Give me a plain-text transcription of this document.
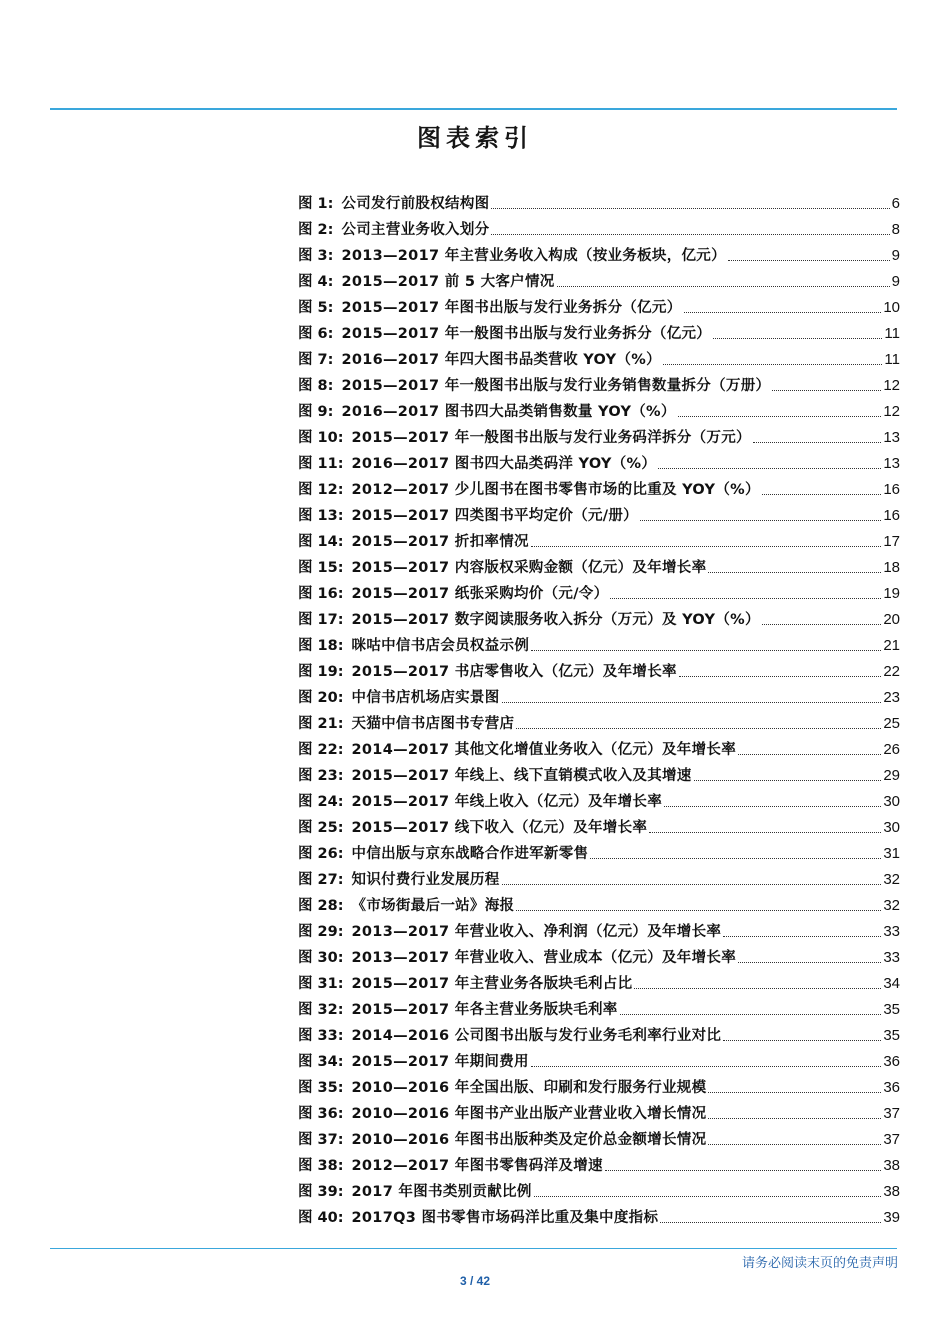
图表索引
图 1: 公司发行前股权结构图	6
图 2: 公司主营业务收入划分	8
图 3: 2013—2017 年主营业务收入构成（按业务板块，亿元）	9
图 4: 2015—2017 前 5 大客户情况	9
图 5: 2015—2017 年图书出版与发行业务拆分（亿元）	10
图 6: 2015—2017 年一般图书出版与发行业务拆分（亿元）	11
图 7: 2016—2017 年四大图书品类营收 YOY（%）	11
图 8: 2015—2017 年一般图书出版与发行业务销售数量拆分（万册）	12
图 9: 2016—2017 图书四大品类销售数量 YOY（%）	12
图 10: 2015—2017 年一般图书出版与发行业务码洋拆分（万元）	13
图 11: 2016—2017 图书四大品类码洋 YOY（%）	13
图 12: 2012—2017 少儿图书在图书零售市场的比重及 YOY（%）	16
图 13: 2015—2017 四类图书平均定价（元/册）	16
图 14: 2015—2017 折扣率情况	17
图 15: 2015—2017 内容版权采购金额（亿元）及年增长率	18
图 16: 2015—2017 纸张采购均价（元/令）	19
图 17: 2015—2017 数字阅读服务收入拆分（万元）及 YOY（%）	20
图 18: 咪咕中信书店会员权益示例	21
图 19: 2015—2017 书店零售收入（亿元）及年增长率	22
图 20: 中信书店机场店实景图	23
图 21: 天猫中信书店图书专营店	25
图 22: 2014—2017 其他文化增值业务收入（亿元）及年增长率	26
图 23: 2015—2017 年线上、线下直销模式收入及其增速	29
图 24: 2015—2017 年线上收入（亿元）及年增长率	30
图 25: 2015—2017 线下收入（亿元）及年增长率	30
图 26: 中信出版与京东战略合作进军新零售	31
图 27: 知识付费行业发展历程	32
图 28: 《市场街最后一站》海报	32
图 29: 2013—2017 年营业收入、净利润（亿元）及年增长率	33
图 30: 2013—2017 年营业收入、营业成本（亿元）及年增长率	33
图 31: 2015—2017 年主营业务各版块毛利占比	34
图 32: 2015—2017 年各主营业务版块毛利率	35
图 33: 2014—2016 公司图书出版与发行业务毛利率行业对比	35
图 34: 2015—2017 年期间费用	36
图 35: 2010—2016 年全国出版、印刷和发行服务行业规模	36
图 36: 2010—2016 年图书产业出版产业营业收入增长情况	37
图 37: 2010—2016 年图书出版种类及定价总金额增长情况	37
图 38: 2012—2017 年图书零售码洋及增速	38
图 39: 2017 年图书类别贡献比例	38
图 40: 2017Q3 图书零售市场码洋比重及集中度指标	39
请务必阅读末页的免责声明
3 / 42
